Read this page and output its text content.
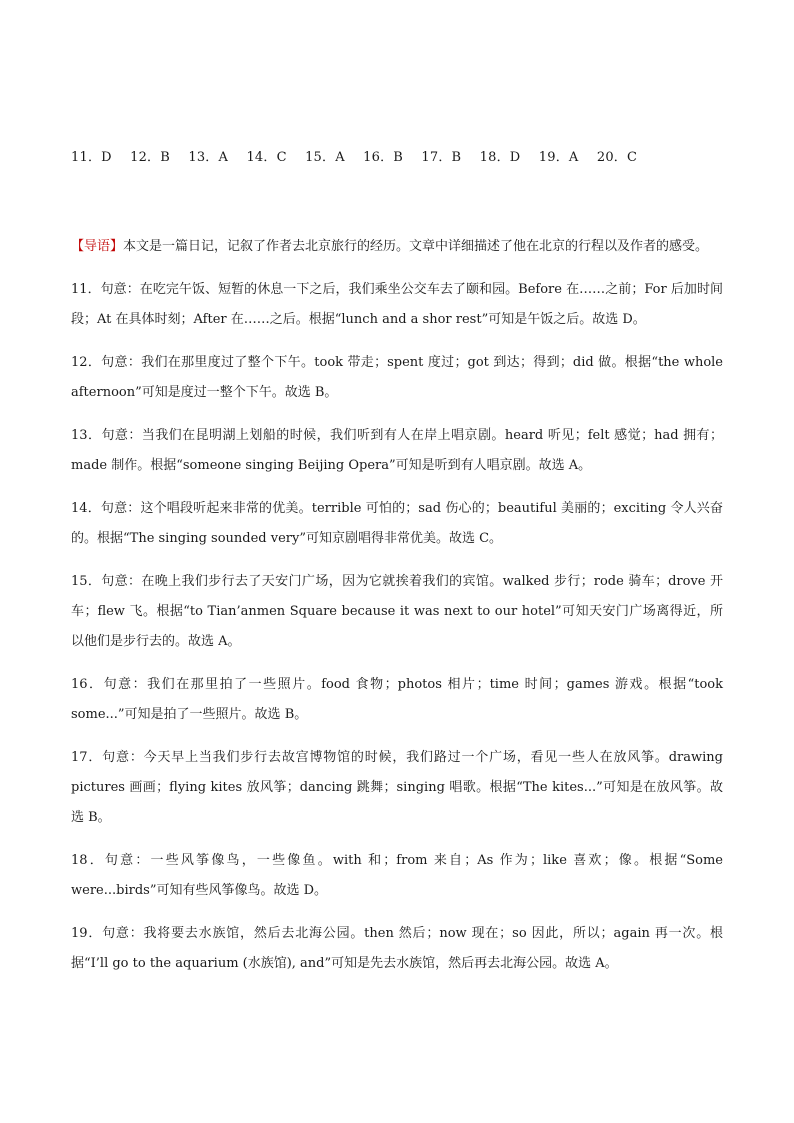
11．D 12．B 13．A 14．C 15．A 16．B 17．B 18．D 19．A 20．C

【导语】本文是一篇日记，记叙了作者去北京旅行的经历。文章中详细描述了他在北京的行程以及作者的感受。

11．句意：在吃完午饭、短暂的休息一下之后，我们乘坐公交车去了颐和园。Before 在……之前；For 后加时间段；At 在具体时刻；After 在……之后。根据“lunch and a shor rest”可知是午饭之后。故选 D。

12．句意：我们在那里度过了整个下午。took 带走；spent 度过；got 到达；得到；did 做。根据“the whole afternoon”可知是度过一整个下午。故选 B。

13．句意：当我们在昆明湖上划船的时候，我们听到有人在岸上唱京剧。heard 听见；felt 感觉；had 拥有；made 制作。根据“someone singing Beijing Opera”可知是听到有人唱京剧。故选 A。

14．句意：这个唱段听起来非常的优美。terrible 可怕的；sad 伤心的；beautiful 美丽的；exciting 令人兴奋的。根据“The singing sounded very”可知京剧唱得非常优美。故选 C。

15．句意：在晚上我们步行去了天安门广场，因为它就挨着我们的宾馆。walked 步行；rode 骑车；drove 开车；flew 飞。根据“to Tian’anmen Square because it was next to our hotel”可知天安门广场离得近，所以他们是步行去的。故选 A。

16．句意：我们在那里拍了一些照片。food 食物；photos 相片；time 时间；games 游戏。根据“took some...”可知是拍了一些照片。故选 B。

17．句意：今天早上当我们步行去故宫博物馆的时候，我们路过一个广场，看见一些人在放风筝。drawing pictures 画画；flying kites 放风筝；dancing 跳舞；singing 唱歌。根据“The kites...”可知是在放风筝。故选 B。

18．句意：一些风筝像鸟，一些像鱼。with 和；from 来自；As 作为；like 喜欢；像。根据“Some were...birds”可知有些风筝像鸟。故选 D。

19．句意：我将要去水族馆，然后去北海公园。then 然后；now 现在；so 因此，所以；again 再一次。根据“I’ll go to the aquarium (水族馆), and”可知是先去水族馆，然后再去北海公园。故选 A。
